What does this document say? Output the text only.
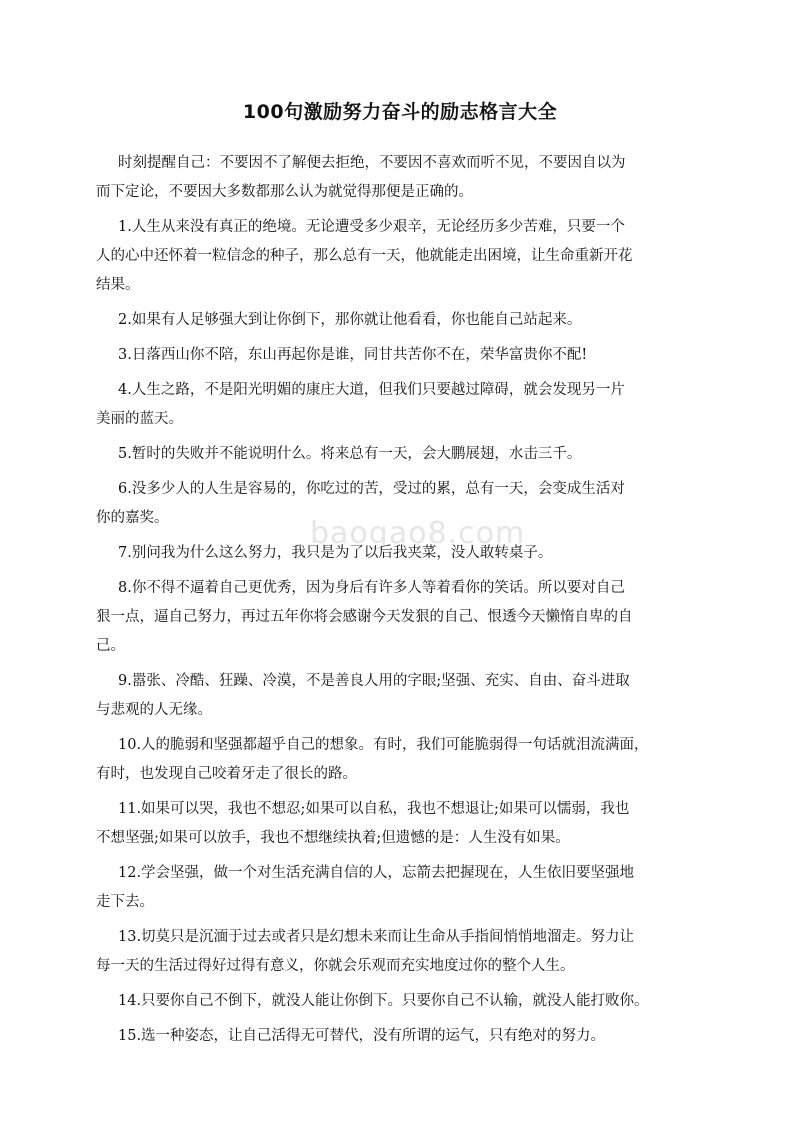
100句激励努力奋斗的励志格言大全
baogao8.com
时刻提醒自己：不要因不了解便去拒绝，不要因不喜欢而听不见，不要因自以为
而下定论，不要因大多数都那么认为就觉得那便是正确的。
1.人生从来没有真正的绝境。无论遭受多少艰辛，无论经历多少苦难，只要一个
人的心中还怀着一粒信念的种子，那么总有一天，他就能走出困境，让生命重新开花
结果。
2.如果有人足够强大到让你倒下，那你就让他看看，你也能自己站起来。
3.日落西山你不陪，东山再起你是谁，同甘共苦你不在，荣华富贵你不配!
4.人生之路，不是阳光明媚的康庄大道，但我们只要越过障碍，就会发现另一片
美丽的蓝天。
5.暂时的失败并不能说明什么。将来总有一天，会大鹏展翅，水击三千。
6.没多少人的人生是容易的，你吃过的苦，受过的累，总有一天，会变成生活对
你的嘉奖。
7.别问我为什么这么努力，我只是为了以后我夹菜，没人敢转桌子。
8.你不得不逼着自己更优秀，因为身后有许多人等着看你的笑话。所以要对自己
狠一点，逼自己努力，再过五年你将会感谢今天发狠的自己、恨透今天懒惰自卑的自
己。
9.嚣张、冷酷、狂躁、冷漠，不是善良人用的字眼;坚强、充实、自由、奋斗进取
与悲观的人无缘。
10.人的脆弱和坚强都超乎自己的想象。有时，我们可能脆弱得一句话就泪流满面，
有时，也发现自己咬着牙走了很长的路。
11.如果可以哭，我也不想忍;如果可以自私，我也不想退让;如果可以懦弱，我也
不想坚强;如果可以放手，我也不想继续执着;但遗憾的是：人生没有如果。
12.学会坚强，做一个对生活充满自信的人，忘箭去把握现在，人生依旧要坚强地
走下去。
13.切莫只是沉湎于过去或者只是幻想未来而让生命从手指间悄悄地溜走。努力让
每一天的生活过得好过得有意义，你就会乐观而充实地度过你的整个人生。
14.只要你自己不倒下，就没人能让你倒下。只要你自己不认输，就没人能打败你。
15.选一种姿态，让自己活得无可替代，没有所谓的运气，只有绝对的努力。
